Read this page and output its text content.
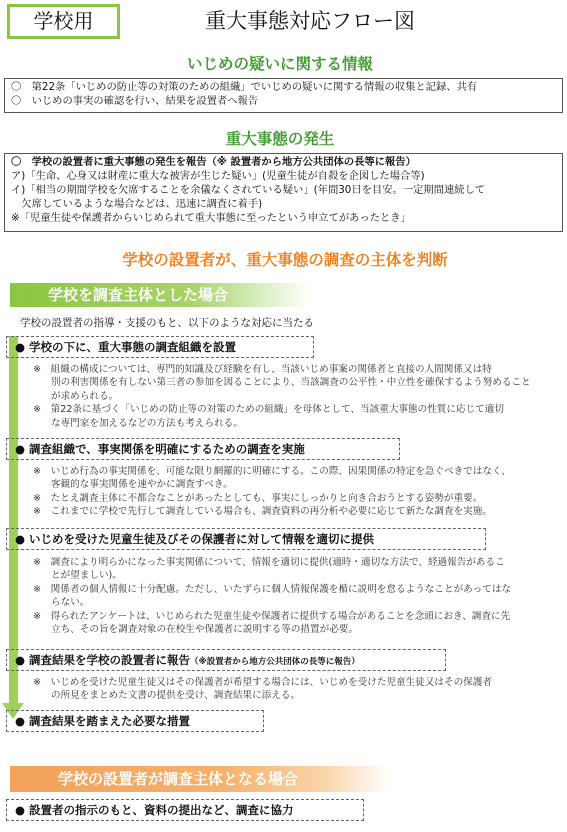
学校用	重大事態対応フロー図
いじめの疑いに関する情報
〇　第22条「いじめの防止等の対策のための組織」でいじめの疑いに関する情報の収集と記録、共有
〇　いじめの事実の確認を行い、結果を設置者へ報告
重大事態の発生
〇　学校の設置者に重大事態の発生を報告（※ 設置者から地方公共団体の長等に報告）
ア)「生命、心身又は財産に重大な被害が生じた疑い」(児童生徒が自殺を企図した場合等)
イ)「相当の期間学校を欠席することを余儀なくされている疑い」(年間30日を目安。一定期間連続して
　欠席しているような場合などは、迅速に調査に着手)
※「児童生徒や保護者からいじめられて重大事態に至ったという申立てがあったとき」
学校の設置者が、重大事態の調査の主体を判断
学校を調査主体とした場合
学校の設置者の指導・支援のもと、以下のような対応に当たる
● 学校の下に、重大事態の調査組織を設置
※　組織の構成については、専門的知識及び経験を有し、当該いじめ事案の関係者と直接の人間関係又は特
別の利害関係を有しない第三者の参加を図ることにより、当該調査の公平性・中立性を確保するよう努めること
が求められる。
※　第22条に基づく「いじめの防止等の対策のための組織」を母体として、当該重大事態の性質に応じて適切
な専門家を加えるなどの方法も考えられる。
● 調査組織で、事実関係を明確にするための調査を実施
※　いじめ行為の事実関係を、可能な限り網羅的に明確にする。この際、因果関係の特定を急ぐべきではなく、
客観的な事実関係を速やかに調査すべき。
※　たとえ調査主体に不都合なことがあったとしても、事実にしっかりと向き合おうとする姿勢が重要。
※　これまでに学校で先行して調査している場合も、調査資料の再分析や必要に応じて新たな調査を実施。
● いじめを受けた児童生徒及びその保護者に対して情報を適切に提供
※　調査により明らかになった事実関係について、情報を適切に提供(適時・適切な方法で、経過報告があるこ
とが望ましい)。
※　関係者の個人情報に十分配慮。ただし、いたずらに個人情報保護を楯に説明を怠るようなことがあってはな
らない。
※　得られたアンケートは、いじめられた児童生徒や保護者に提供する場合があることを念頭におき、調査に先
立ち、その旨を調査対象の在校生や保護者に説明する等の措置が必要。
● 調査結果を学校の設置者に報告（※設置者から地方公共団体の長等に報告）
※　いじめを受けた児童生徒又はその保護者が希望する場合には、いじめを受けた児童生徒又はその保護者
の所見をまとめた文書の提供を受け、調査結果に添える。
● 調査結果を踏まえた必要な措置
学校の設置者が調査主体となる場合
● 設置者の指示のもと、資料の提出など、調査に協力
